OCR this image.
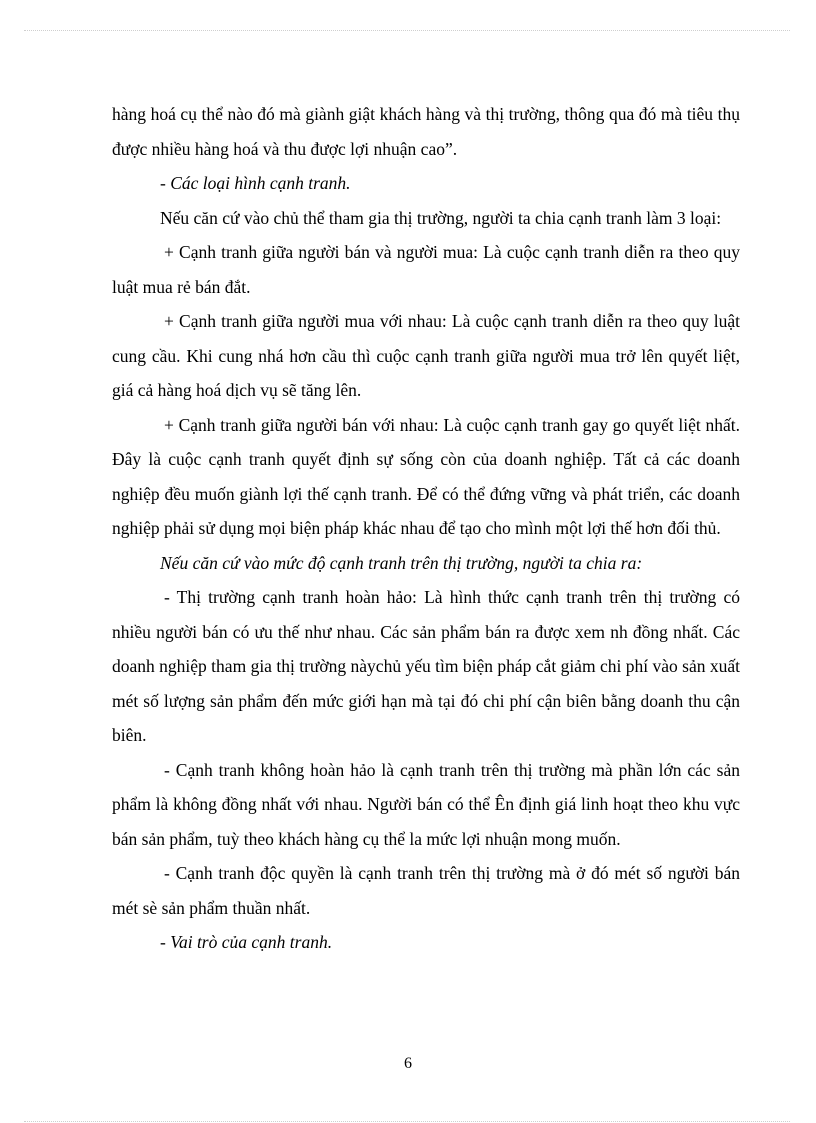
hàng hoá cụ thể nào đó mà giành giật khách hàng và thị trường, thông qua đó mà tiêu thụ được nhiều hàng hoá và thu được lợi nhuận cao”.

- Các loại hình cạnh tranh.

Nếu căn cứ vào chủ thể tham gia thị trường, người ta chia cạnh tranh làm 3 loại:

+ Cạnh tranh giữa người bán và người mua: Là cuộc cạnh tranh diễn ra theo quy luật mua rẻ bán đắt.

+ Cạnh tranh giữa người mua với nhau: Là cuộc cạnh tranh diễn ra theo quy luật cung cầu. Khi cung nhá hơn cầu thì cuộc cạnh tranh giữa người mua trở lên quyết liệt, giá cả hàng hoá dịch vụ sẽ tăng lên.

+ Cạnh tranh giữa người bán với nhau: Là cuộc cạnh tranh gay go quyết liệt nhất. Đây là cuộc cạnh tranh quyết định sự sống còn của doanh nghiệp. Tất cả các doanh nghiệp đều muốn giành lợi thế cạnh tranh. Để có thể đứng vững và phát triển, các doanh nghiệp phải sử dụng mọi biện pháp khác nhau để tạo cho mình một lợi thế hơn đối thủ.

Nếu căn cứ vào mức độ cạnh tranh trên thị trường, người ta chia ra:

- Thị trường cạnh tranh hoàn hảo: Là hình thức cạnh tranh trên thị trường có nhiều người bán có ưu thế như nhau. Các sản phẩm bán ra được xem nh đồng nhất. Các doanh nghiệp tham gia thị trường nàychủ yếu tìm biện pháp cắt giảm chi phí vào sản xuất mét số lượng sản phẩm đến mức giới hạn mà tại đó chi phí cận biên bằng doanh thu cận biên.

- Cạnh tranh không hoàn hảo là cạnh tranh trên thị trường mà phần lớn các sản phẩm là không đồng nhất với nhau. Người bán có thể Ên định giá linh hoạt theo khu vực bán sản phẩm, tuỳ theo khách hàng cụ thể la mức lợi nhuận mong muốn.

- Cạnh tranh độc quyền là cạnh tranh trên thị trường mà ở đó mét số người bán mét sè sản phẩm thuần nhất.

- Vai trò của cạnh tranh.

6
